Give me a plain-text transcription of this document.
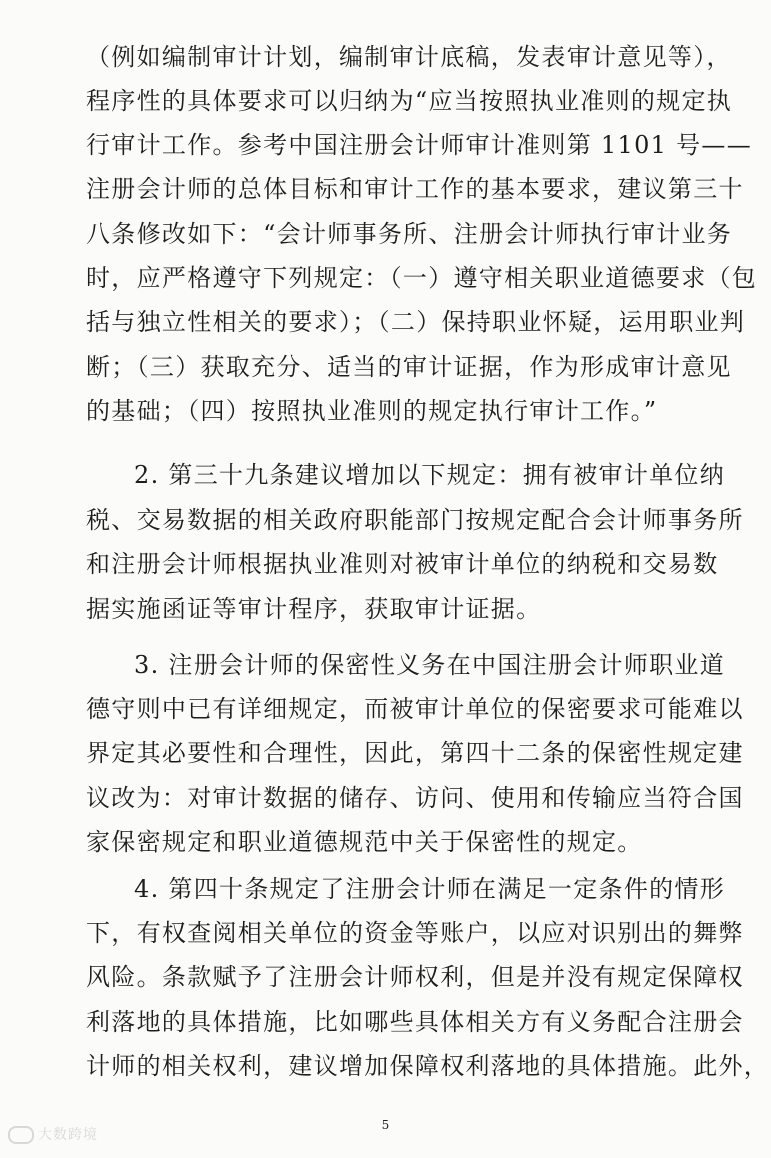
（例如编制审计计划，编制审计底稿，发表审计意见等），
程序性的具体要求可以归纳为“应当按照执业准则的规定执
行审计工作。参考中国注册会计师审计准则第 1101 号——
注册会计师的总体目标和审计工作的基本要求，建议第三十
八条修改如下：“会计师事务所、注册会计师执行审计业务
时，应严格遵守下列规定：（一）遵守相关职业道德要求（包
括与独立性相关的要求）；（二）保持职业怀疑，运用职业判
断；（三）获取充分、适当的审计证据，作为形成审计意见
的基础；（四）按照执业准则的规定执行审计工作。”
2. 第三十九条建议增加以下规定：拥有被审计单位纳
税、交易数据的相关政府职能部门按规定配合会计师事务所
和注册会计师根据执业准则对被审计单位的纳税和交易数
据实施函证等审计程序，获取审计证据。
3. 注册会计师的保密性义务在中国注册会计师职业道
德守则中已有详细规定，而被审计单位的保密要求可能难以
界定其必要性和合理性，因此，第四十二条的保密性规定建
议改为：对审计数据的储存、访问、使用和传输应当符合国
家保密规定和职业道德规范中关于保密性的规定。
4. 第四十条规定了注册会计师在满足一定条件的情形
下，有权查阅相关单位的资金等账户，以应对识别出的舞弊
风险。条款赋予了注册会计师权利，但是并没有规定保障权
利落地的具体措施，比如哪些具体相关方有义务配合注册会
计师的相关权利，建议增加保障权利落地的具体措施。此外，
5
大数跨境
